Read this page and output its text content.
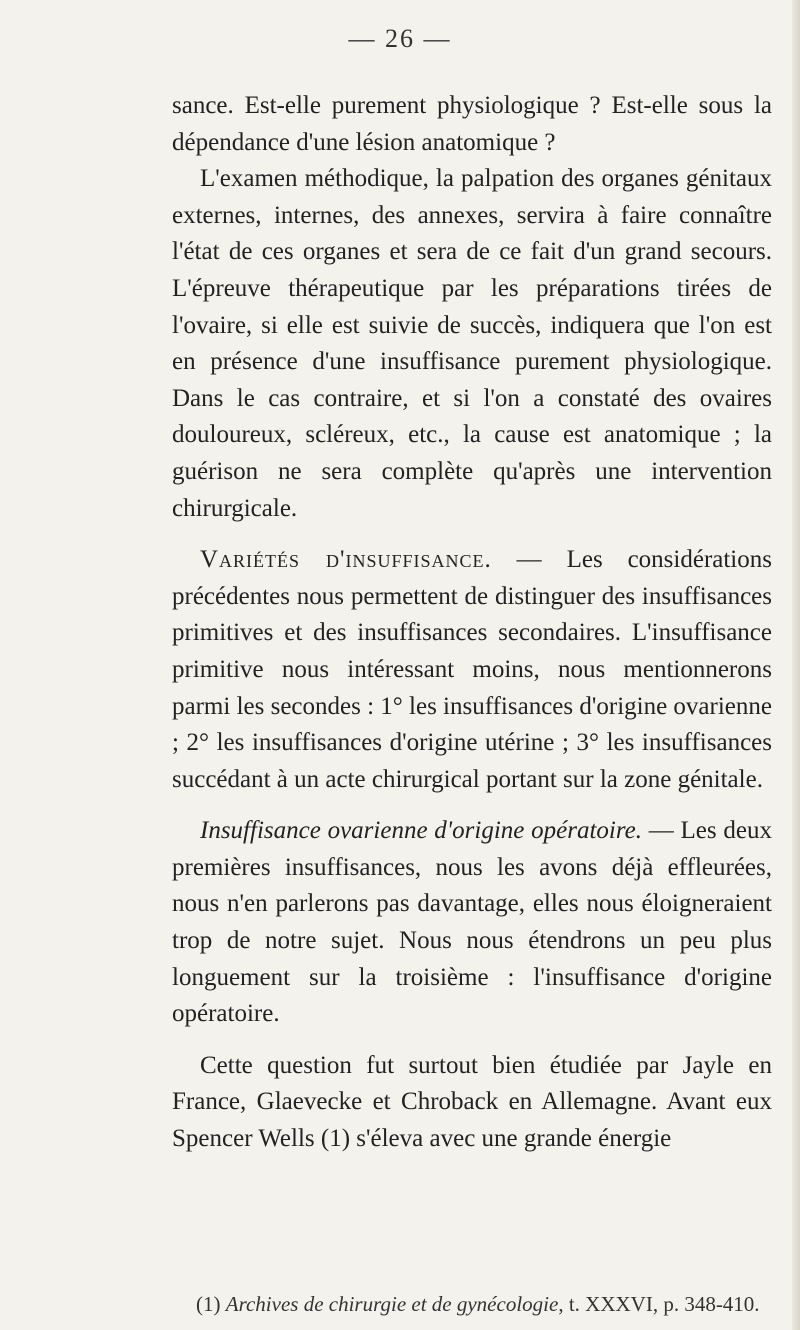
— 26 —

sance. Est-elle purement physiologique ? Est-elle sous la dépendance d'une lésion anatomique ?

L'examen méthodique, la palpation des organes génitaux externes, internes, des annexes, servira à faire connaître l'état de ces organes et sera de ce fait d'un grand secours. L'épreuve thérapeutique par les préparations tirées de l'ovaire, si elle est suivie de succès, indiquera que l'on est en présence d'une insuffisance purement physiologique. Dans le cas contraire, et si l'on a constaté des ovaires douloureux, scléreux, etc., la cause est anatomique ; la guérison ne sera complète qu'après une intervention chirurgicale.

Variétés d'insuffisance. — Les considérations précédentes nous permettent de distinguer des insuffisances primitives et des insuffisances secondaires. L'insuffisance primitive nous intéressant moins, nous mentionnerons parmi les secondes : 1° les insuffisances d'origine ovarienne ; 2° les insuffisances d'origine utérine ; 3° les insuffisances succédant à un acte chirurgical portant sur la zone génitale.

Insuffisance ovarienne d'origine opératoire. — Les deux premières insuffisances, nous les avons déjà effleurées, nous n'en parlerons pas davantage, elles nous éloigneraient trop de notre sujet. Nous nous étendrons un peu plus longuement sur la troisième : l'insuffisance d'origine opératoire.

Cette question fut surtout bien étudiée par Jayle en France, Glaevecke et Chroback en Allemagne. Avant eux Spencer Wells (1) s'éleva avec une grande énergie

(1) Archives de chirurgie et de gynécologie, t. XXXVI, p. 348-410.
